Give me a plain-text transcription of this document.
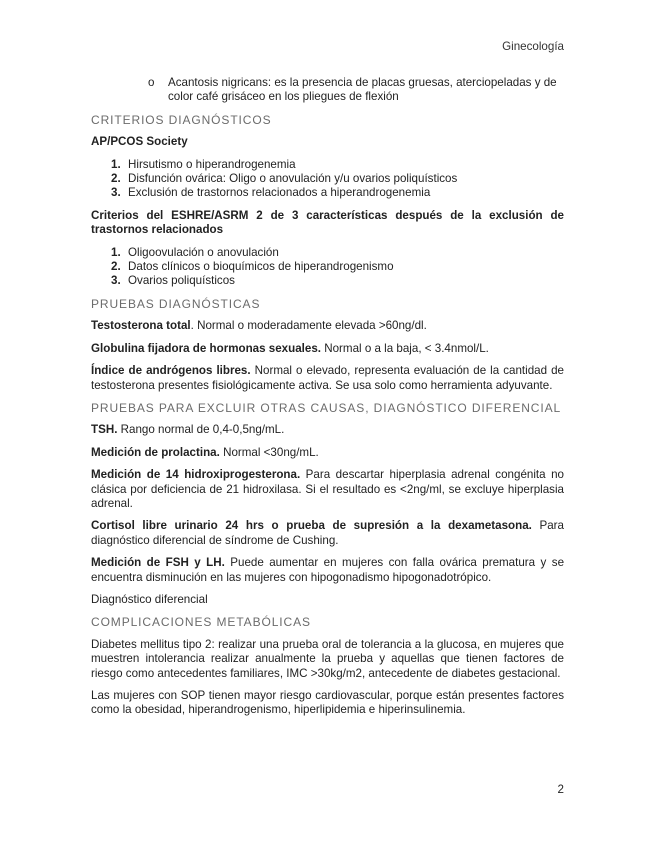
Ginecología
o Acantosis nigricans: es la presencia de placas gruesas, aterciopeladas y de color café grisáceo en los pliegues de flexión
CRITERIOS DIAGNÓSTICOS
AP/PCOS Society
1. Hirsutismo o hiperandrogenemia
2. Disfunción ovárica: Oligo o anovulación y/u ovarios poliquísticos
3. Exclusión de trastornos relacionados a hiperandrogenemia

Criterios del ESHRE/ASRM 2 de 3 características después de la exclusión de trastornos relacionados

1. Oligoovulación o anovulación
2. Datos clínicos o bioquímicos de hiperandrogenismo
3. Ovarios poliquísticos
PRUEBAS DIAGNÓSTICAS

Testosterona total. Normal o moderadamente elevada >60ng/dl.

Globulina fijadora de hormonas sexuales. Normal o a la baja, < 3.4nmol/L.

Índice de andrógenos libres. Normal o elevado, representa evaluación de la cantidad de testosterona presentes fisiológicamente activa. Se usa solo como herramienta adyuvante.

PRUEBAS PARA EXCLUIR OTRAS CAUSAS, DIAGNÓSTICO DIFERENCIAL

TSH. Rango normal de 0,4-0,5ng/mL.

Medición de prolactina. Normal <30ng/mL.

Medición de 14 hidroxiprogesterona. Para descartar hiperplasia adrenal congénita no clásica por deficiencia de 21 hidroxilasa. Si el resultado es <2ng/ml, se excluye hiperplasia adrenal.

Cortisol libre urinario 24 hrs o prueba de supresión a la dexametasona. Para diagnóstico diferencial de síndrome de Cushing.

Medición de FSH y LH. Puede aumentar en mujeres con falla ovárica prematura y se encuentra disminución en las mujeres con hipogonadismo hipogonadotrópico.

Diagnóstico diferencial

COMPLICACIONES METABÓLICAS

Diabetes mellitus tipo 2: realizar una prueba oral de tolerancia a la glucosa, en mujeres que muestren intolerancia realizar anualmente la prueba y aquellas que tienen factores de riesgo como antecedentes familiares, IMC >30kg/m2, antecedente de diabetes gestacional.

Las mujeres con SOP tienen mayor riesgo cardiovascular, porque están presentes factores como la obesidad, hiperandrogenismo, hiperlipidemia e hiperinsulinemia.

2
